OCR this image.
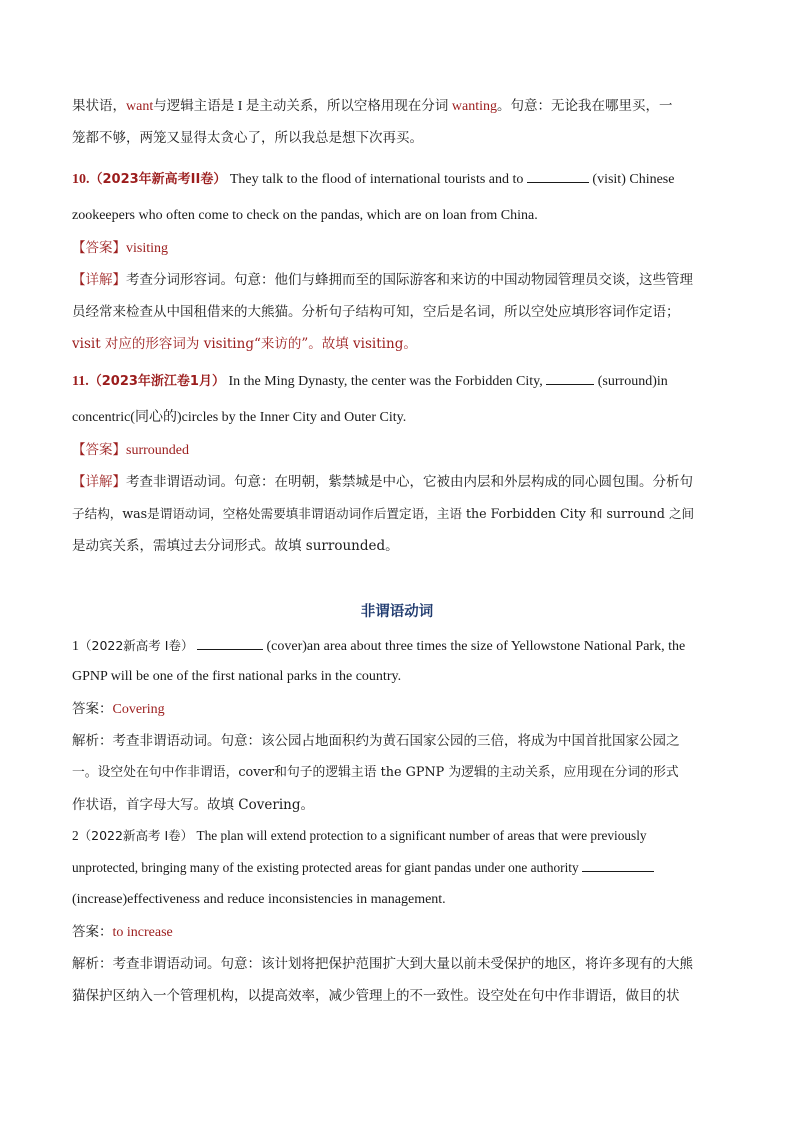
果状语，want与逻辑主语是 I 是主动关系，所以空格用现在分词 wanting。句意：无论我在哪里买，一
笼都不够，两笼又显得太贪心了，所以我总是想下次再买。
10.（2023年新高考II卷） They talk to the flood of international tourists and to	(visit) Chinese
zookeepers who often come to check on the pandas, which are on loan from China.
【答案】visiting
【详解】考查分词形容词。句意：他们与蜂拥而至的国际游客和来访的中国动物园管理员交谈，这些管理
员经常来检查从中国租借来的大熊猫。分析句子结构可知，空后是名词，所以空处应填形容词作定语；
visit 对应的形容词为 visiting“来访的”。故填 visiting。
11.（2023年浙江卷1月） In the Ming Dynasty, the center was the Forbidden City,	(surround)in
concentric(同心的)circles by the Inner City and Outer City.
【答案】surrounded
【详解】考查非谓语动词。句意：在明朝，紫禁城是中心，它被由内层和外层构成的同心圆包围。分析句
子结构，was是谓语动词，空格处需要填非谓语动词作后置定语，主语 the Forbidden City 和 surround 之间
是动宾关系，需填过去分词形式。故填 surrounded。
非谓语动词
1（2022新高考 I卷）	(cover)an area about three times the size of Yellowstone National Park, the
GPNP will be one of the first national parks in the country.
答案：Covering
解析：考查非谓语动词。句意：该公园占地面积约为黄石国家公园的三倍，将成为中国首批国家公园之
一。设空处在句中作非谓语，cover和句子的逻辑主语 the GPNP 为逻辑的主动关系，应用现在分词的形式
作状语，首字母大写。故填 Covering。
2（2022新高考 I卷） The plan will extend protection to a significant number of areas that were previously
unprotected, bringing many of the existing protected areas for giant pandas under one authority
(increase)effectiveness and reduce inconsistencies in management.
答案：to increase
解析：考查非谓语动词。句意：该计划将把保护范围扩大到大量以前未受保护的地区，将许多现有的大熊
猫保护区纳入一个管理机构，以提高效率，减少管理上的不一致性。设空处在句中作非谓语，做目的状
